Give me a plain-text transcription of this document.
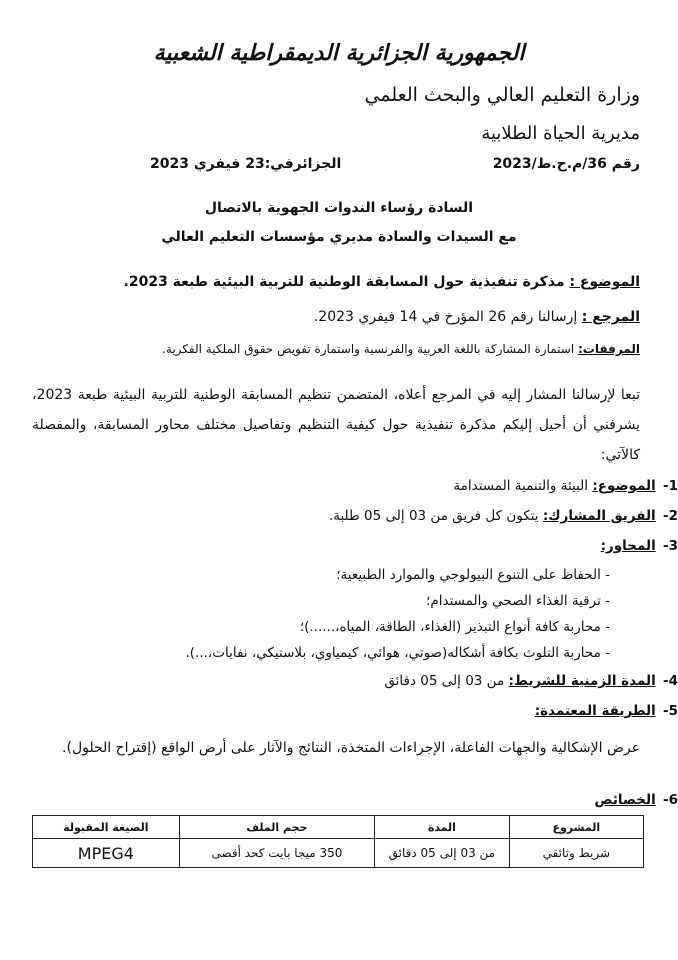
الجمهورية الجزائرية الديمقراطية الشعبية
وزارة التعليم العالي والبحث العلمي
مديرية الحياة الطلابية
رقم 36/م.ح.ط/2023
الجزائرفي:23 فيفري 2023
السادة رؤساء الندوات الجهوية بالاتصال
مع السيدات والسادة مديري مؤسسات التعليم العالي
الموضوع : مذكرة تنفيذية حول المسابقة الوطنية للتربية البيئية طبعة 2023.
المرجع : إرسالنا رقم 26 المؤرخ في 14 فيفري 2023.
المرفقات: استمارة المشاركة باللغة العربية والفرنسية واستمارة تفويض حقوق الملكية الفكرية.
تبعا لإرسالنا المشار إليه في المرجع أعلاه، المتضمن تنظيم المسابقة الوطنية للتربية البيئية طبعة 2023، يشرفني أن أحيل إليكم مذكرة تنفيذية حول كيفية التنظيم وتفاصيل مختلف محاور المسابقة، والمفصلة كالآتي:
1- الموضوع: البيئة والتنمية المستدامة
2- الفريق المشارك: يتكون كل فريق من 03 إلى 05 طلبة.
3- المحاور:
- الحفاظ على التنوع البيولوجي والموارد الطبيعية؛
- ترقية الغذاء الصحي والمستدام؛
- محاربة كافة أنواع التبذير (الغذاء، الطاقة، المياه،......)؛
- محاربة التلوث بكافة أشكاله(صوتي، هوائي، كيمياوي، بلاستيكي، نفايات،...).
4- المدة الزمنية للشريط: من 03 إلى 05 دقائق
5- الطريقة المعتمدة:
عرض الإشكالية والجهات الفاعلة، الإجراءات المتخذة، النتائج والآثار على أرض الواقع (إقتراح الحلول).
6- الخصائص
المشروع	المدة	حجم الملف	الصيغة المقبولة
شريط وثائقي	من 03 إلى 05 دقائق	350 ميجا بايت كحد أقصى	MPEG4
